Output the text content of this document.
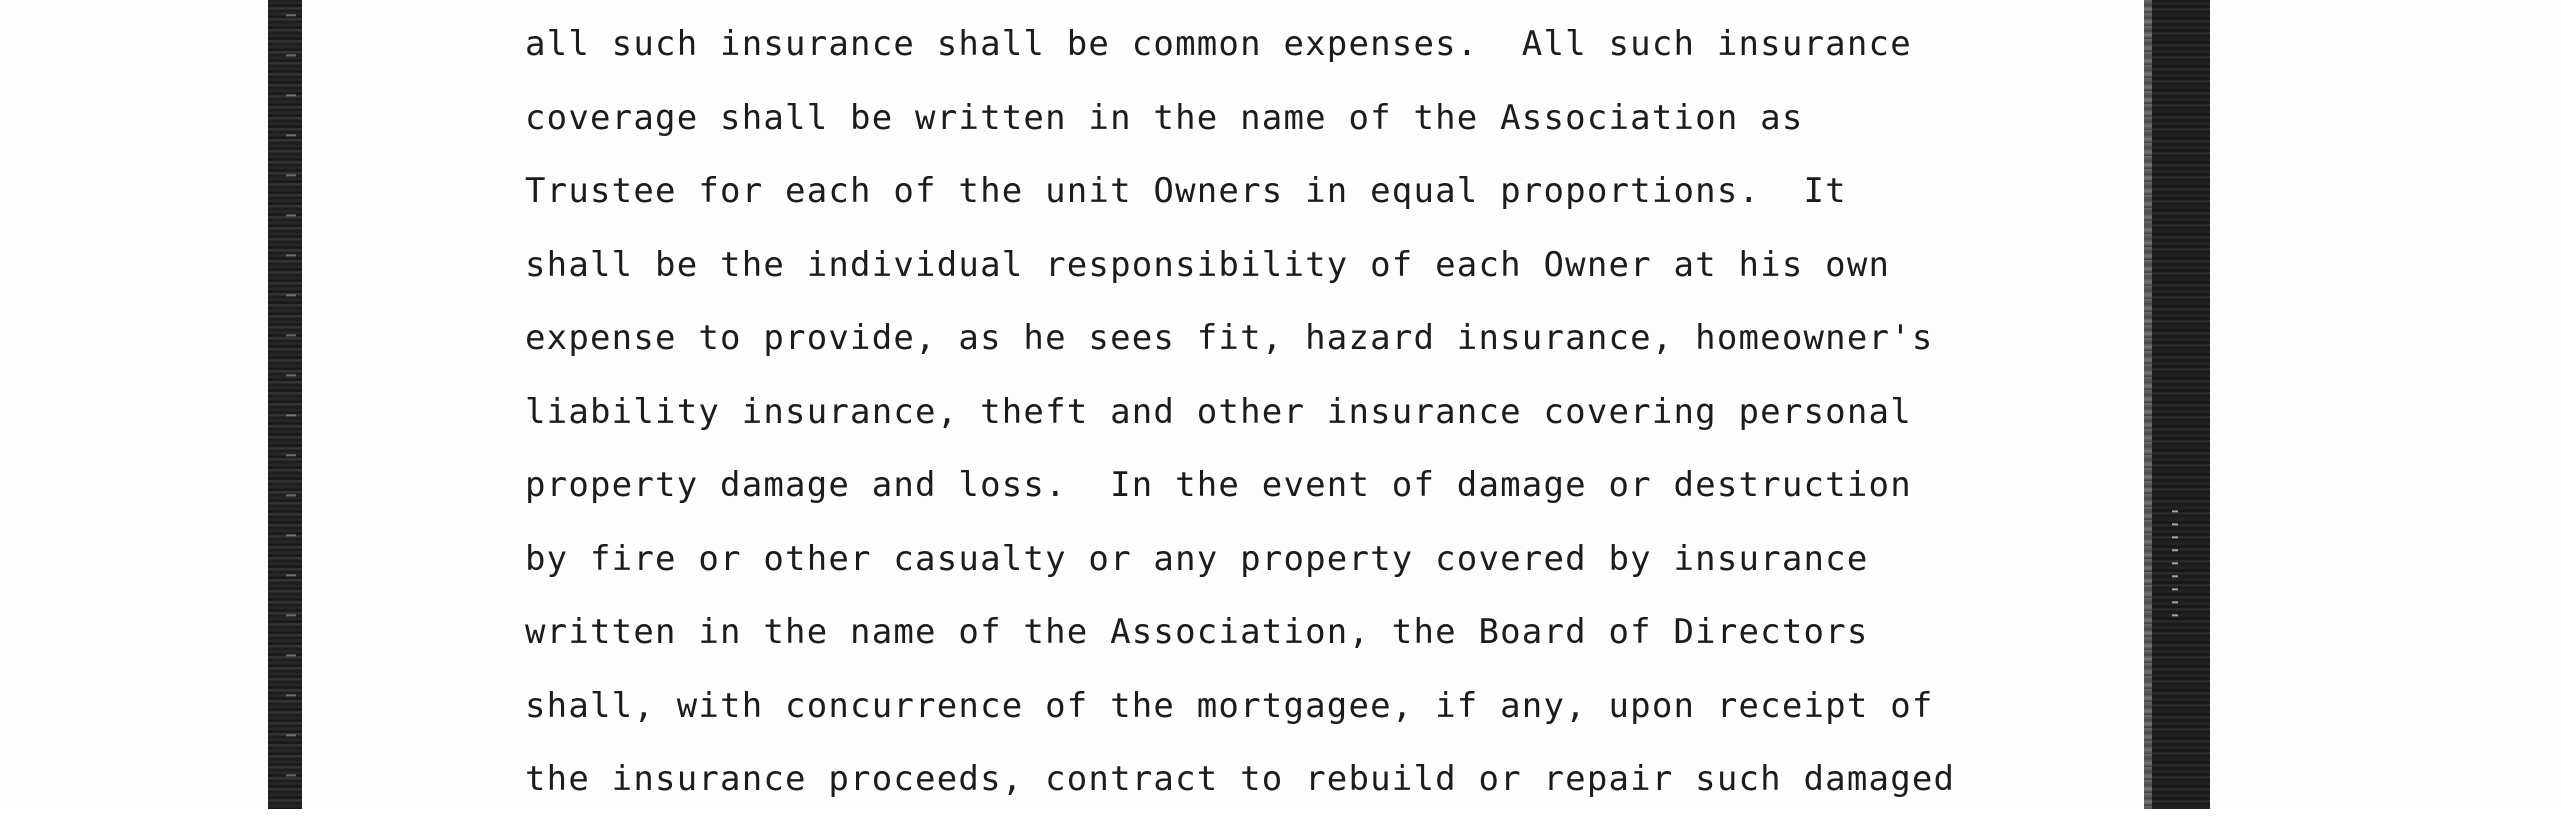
all such insurance shall be common expenses.  All such insurance
coverage shall be written in the name of the Association as
Trustee for each of the unit Owners in equal proportions.  It
shall be the individual responsibility of each Owner at his own
expense to provide, as he sees fit, hazard insurance, homeowner's
liability insurance, theft and other insurance covering personal
property damage and loss.  In the event of damage or destruction
by fire or other casualty or any property covered by insurance
written in the name of the Association, the Board of Directors
shall, with concurrence of the mortgagee, if any, upon receipt of
the insurance proceeds, contract to rebuild or repair such damaged
